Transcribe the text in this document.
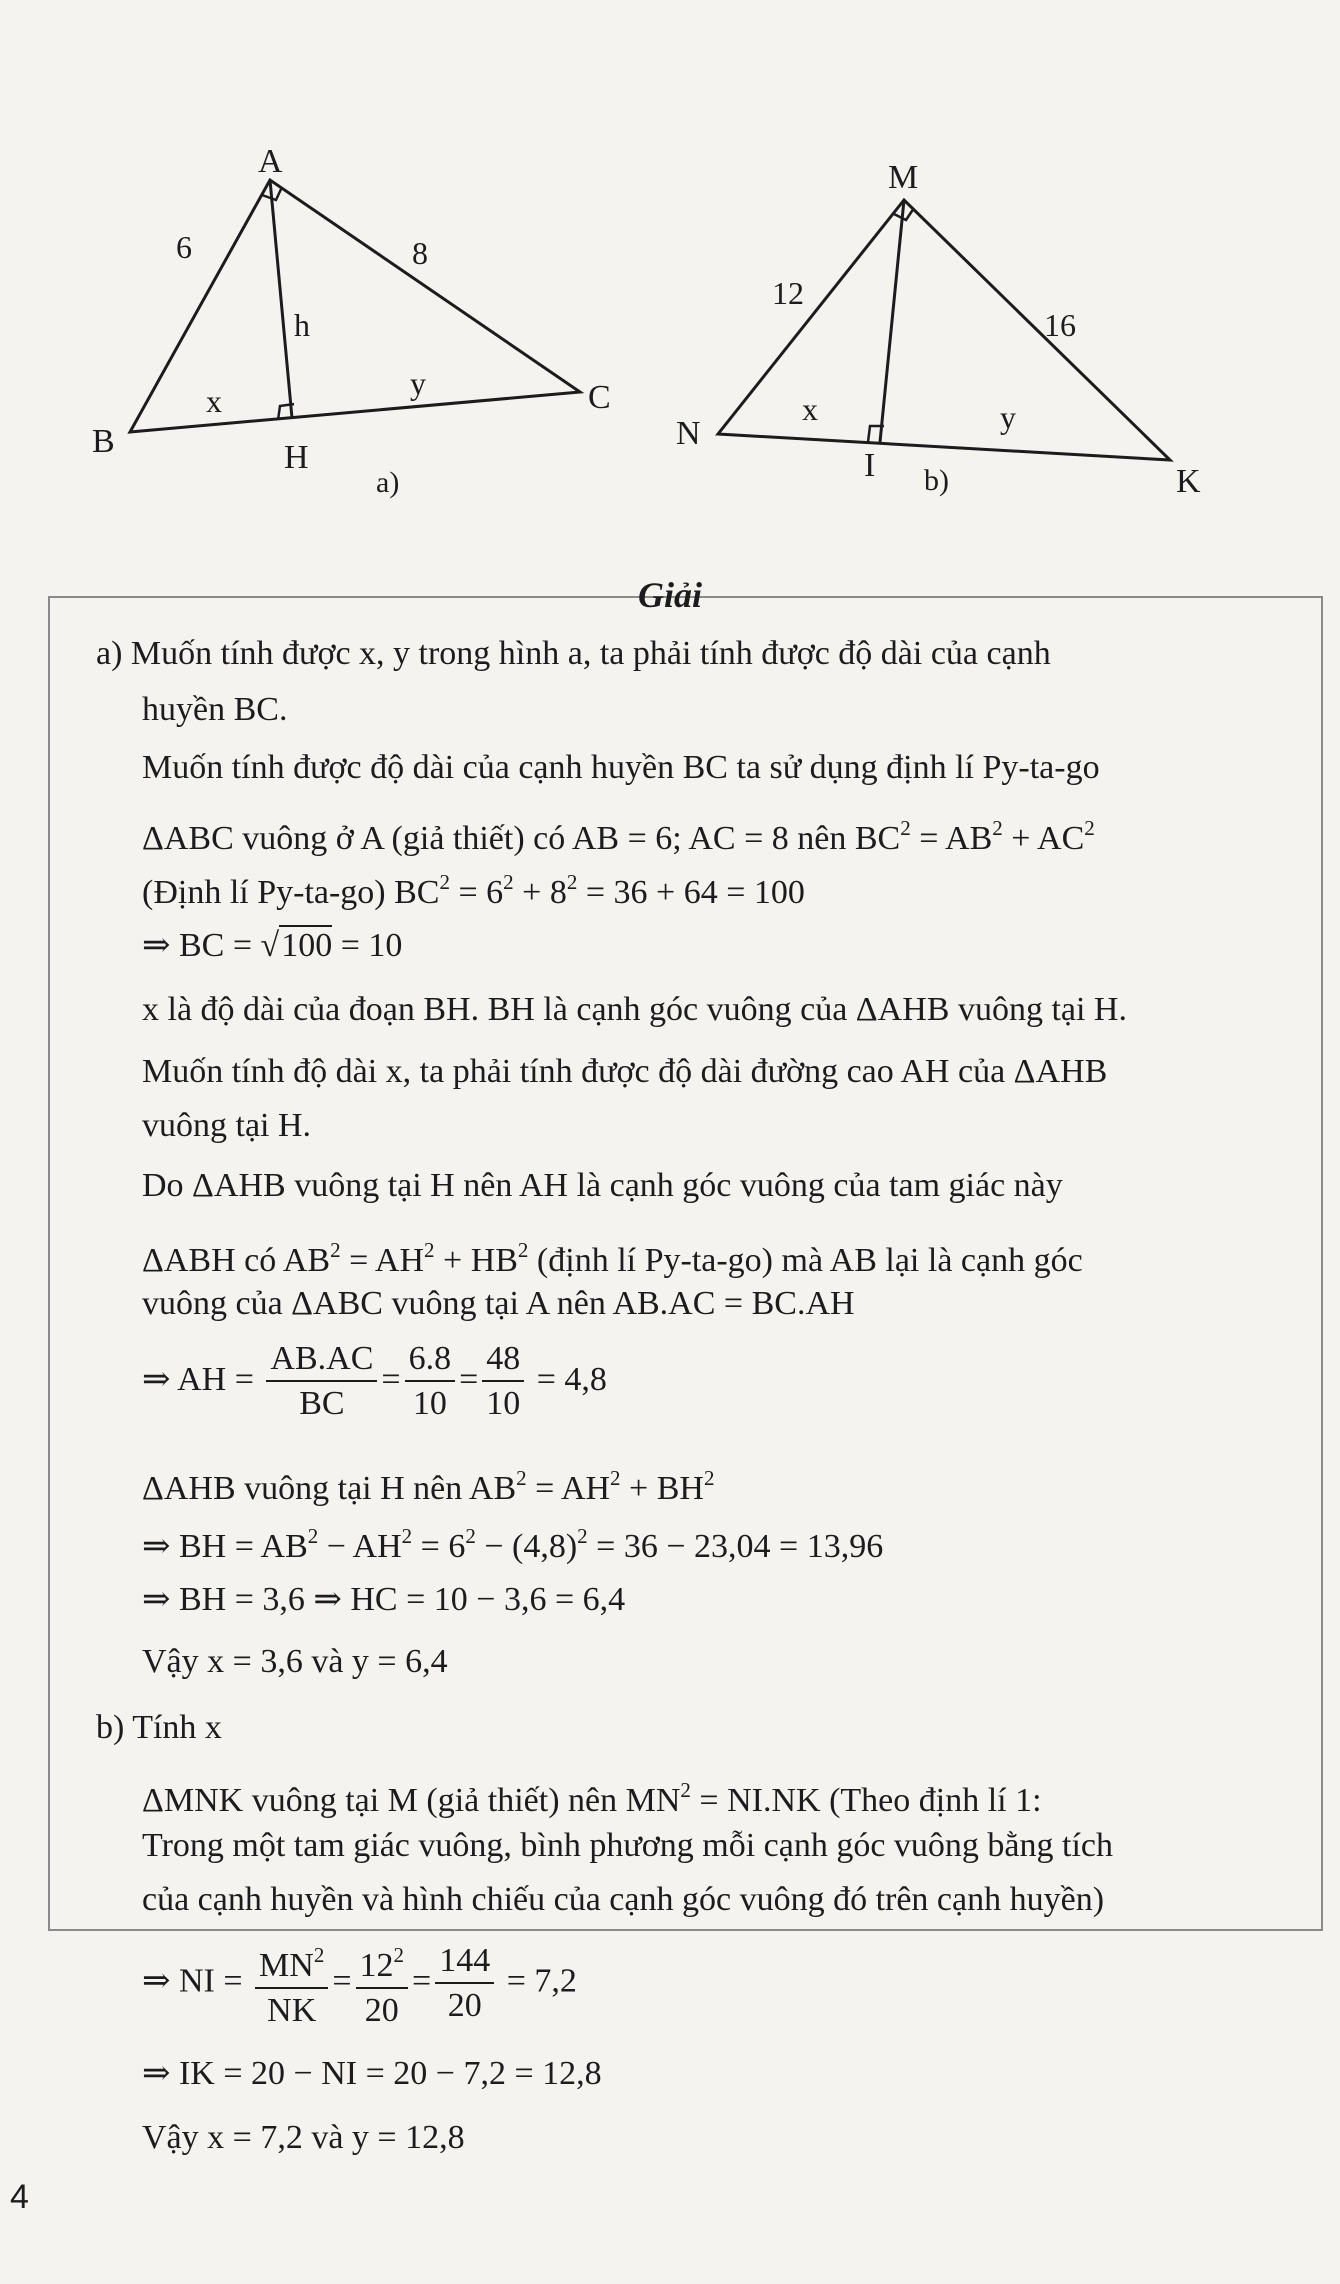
A
B
C
H
6	8
h
x	y
a)
M
N
K
I
12
16
x	y
b)
Giải
a) Muốn tính được x, y trong hình a, ta phải tính được độ dài của cạnh
huyền BC.
Muốn tính được độ dài của cạnh huyền BC ta sử dụng định lí Py-ta-go
ΔABC vuông ở A (giả thiết) có AB = 6; AC = 8 nên $BC^2 = AB^2 + AC^2$
(Định lí Py-ta-go) $BC^2 = 6^2 + 8^2 = 36 + 64 = 100$
⇒ BC = √100 = 10
x là độ dài của đoạn BH. BH là cạnh góc vuông của ΔAHB vuông tại H.
Muốn tính độ dài x, ta phải tính được độ dài đường cao AH của ΔAHB
vuông tại H.
Do ΔAHB vuông tại H nên AH là cạnh góc vuông của tam giác này
ΔABH có $AB^2 = AH^2 + HB^2$ (định lí Py-ta-go) mà AB lại là cạnh góc
vuông của ΔABC vuông tại A nên AB.AC = BC.AH
⇒ AH = $\frac{AB.AC}{BC} = \frac{6.8}{10} = \frac{48}{10} = 4,8$
ΔAHB vuông tại H nên $AB^2 = AH^2 + BH^2$
⇒ BH = $AB^2 - AH^2 = 6^2 - (4,8)^2 = 36 - 23,04 = 13,96$
⇒ BH = 3,6 ⇒ HC = 10 − 3,6 = 6,4
Vậy x = 3,6 và y = 6,4
b) Tính x
ΔMNK vuông tại M (giả thiết) nên $MN^2 = NI.NK$ (Theo định lí 1:
Trong một tam giác vuông, bình phương mỗi cạnh góc vuông bằng tích
của cạnh huyền và hình chiếu của cạnh góc vuông đó trên cạnh huyền)
⇒ NI = $\frac{MN^2}{NK} = \frac{12^2}{20} = \frac{144}{20} = 7,2$
⇒ IK = 20 − NI = 20 − 7,2 = 12,8
Vậy x = 7,2 và y = 12,8
4
